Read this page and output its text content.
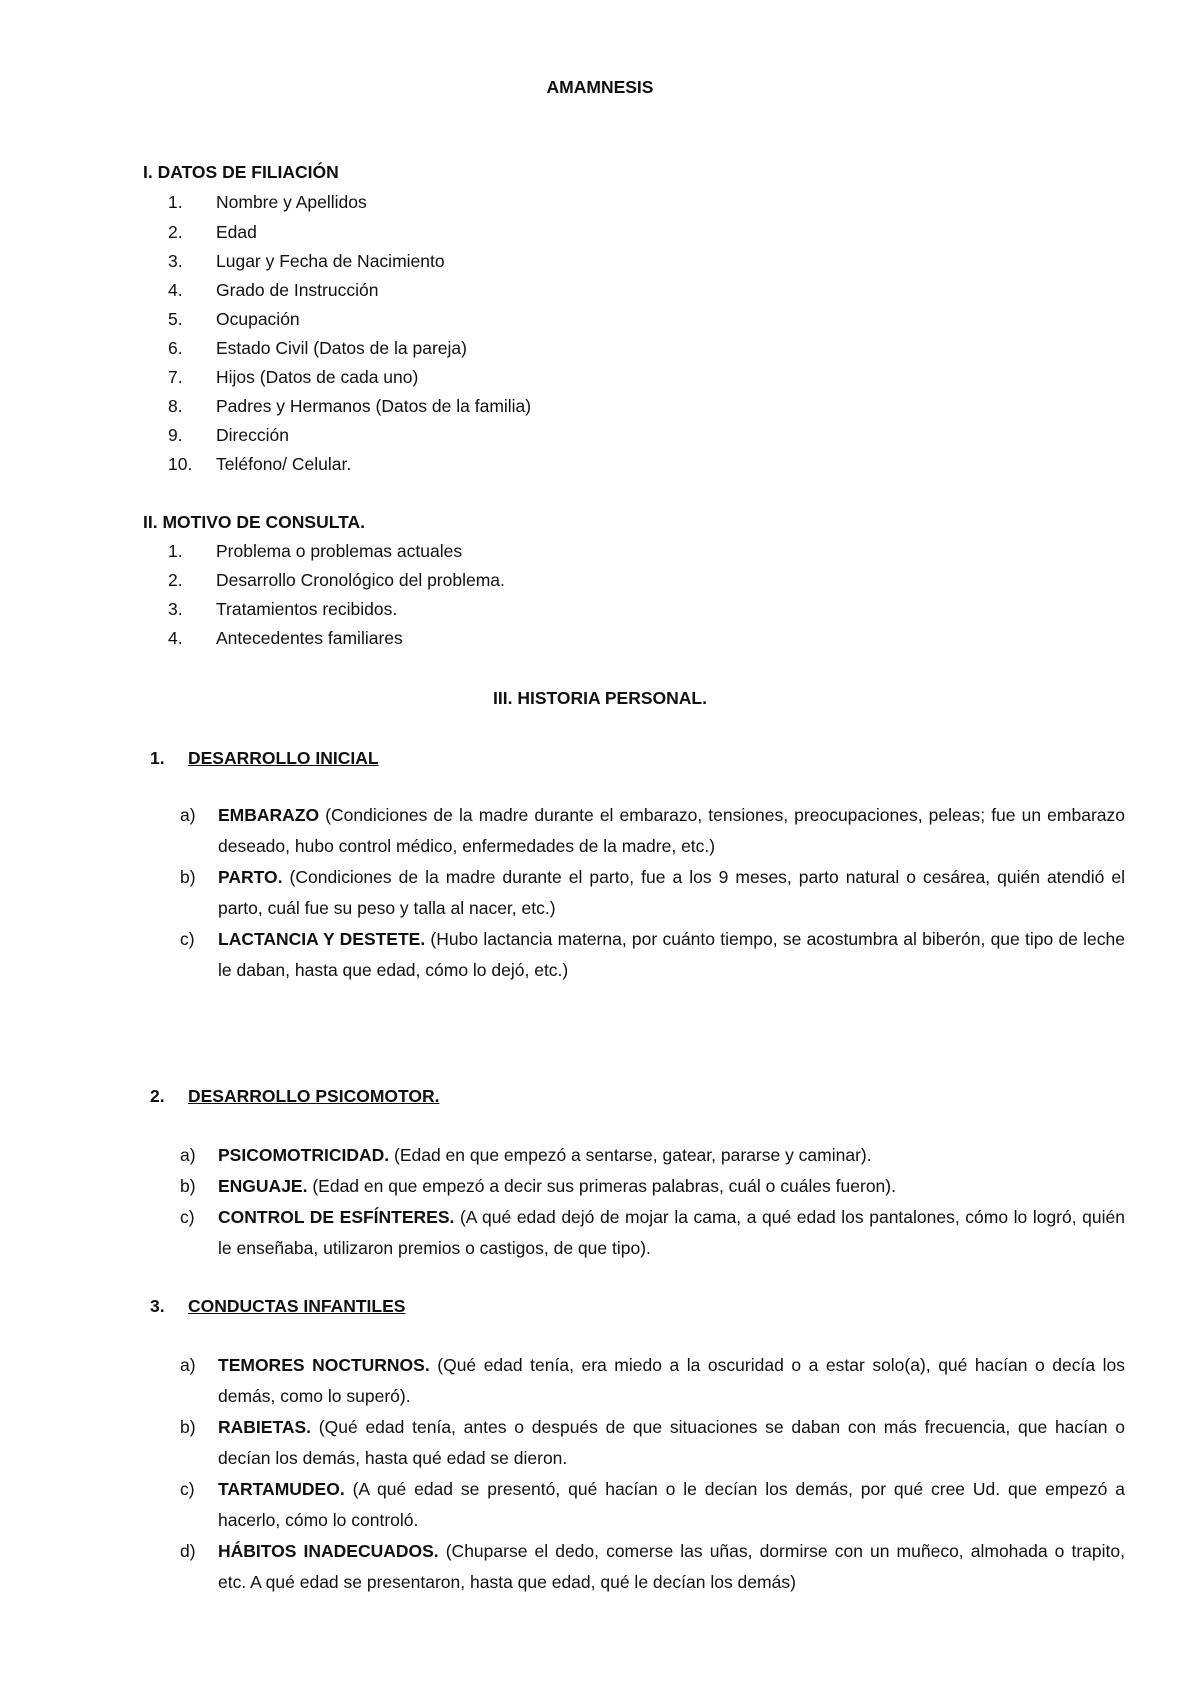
AMAMNESIS
I. DATOS DE FILIACIÓN
1.	Nombre y Apellidos
2.	Edad
3.	Lugar y Fecha de Nacimiento
4.	Grado de Instrucción
5.	Ocupación
6.	Estado Civil (Datos de la pareja)
7.	Hijos (Datos de cada uno)
8.	Padres y Hermanos (Datos de la familia)
9.	Dirección
10. Teléfono/ Celular.
II. MOTIVO DE CONSULTA.
1.	Problema o problemas actuales
2.	Desarrollo Cronológico del problema.
3.	Tratamientos recibidos.
4.	Antecedentes familiares
III. HISTORIA PERSONAL.
1. DESARROLLO INICIAL
a)	EMBARAZO (Condiciones de la madre durante el embarazo, tensiones, preocupaciones, peleas; fue un embarazo deseado, hubo control médico, enfermedades de la madre, etc.)
b)	PARTO. (Condiciones de la madre durante el parto, fue a los 9 meses, parto natural o cesárea, quién atendió el parto, cuál fue su peso y talla al nacer, etc.)
c)	LACTANCIA Y DESTETE. (Hubo lactancia materna, por cuánto tiempo, se acostumbra al biberón, que tipo de leche le daban, hasta que edad, cómo lo dejó, etc.)
2. DESARROLLO PSICOMOTOR.
a)	PSICOMOTRICIDAD. (Edad en que empezó a sentarse, gatear, pararse y caminar).
b)	ENGUAJE. (Edad en que empezó a decir sus primeras palabras, cuál o cuáles fueron).
c)	CONTROL DE ESFÍNTERES. (A qué edad dejó de mojar la cama, a qué edad los pantalones, cómo lo logró, quién le enseñaba, utilizaron premios o castigos, de que tipo).
3. CONDUCTAS INFANTILES
a)	TEMORES NOCTURNOS. (Qué edad tenía, era miedo a la oscuridad o a estar solo(a), qué hacían o decía los demás, como lo superó).
b)	RABIETAS. (Qué edad tenía, antes o después de que situaciones se daban con más frecuencia, que hacían o decían los demás, hasta qué edad se dieron.
c)	TARTAMUDEO. (A qué edad se presentó, qué hacían o le decían los demás, por qué cree Ud. que empezó a hacerlo, cómo lo controló.
d)	HÁBITOS INADECUADOS. (Chuparse el dedo, comerse las uñas, dormirse con un muñeco, almohada o trapito, etc. A qué edad se presentaron, hasta que edad, qué le decían los demás)
